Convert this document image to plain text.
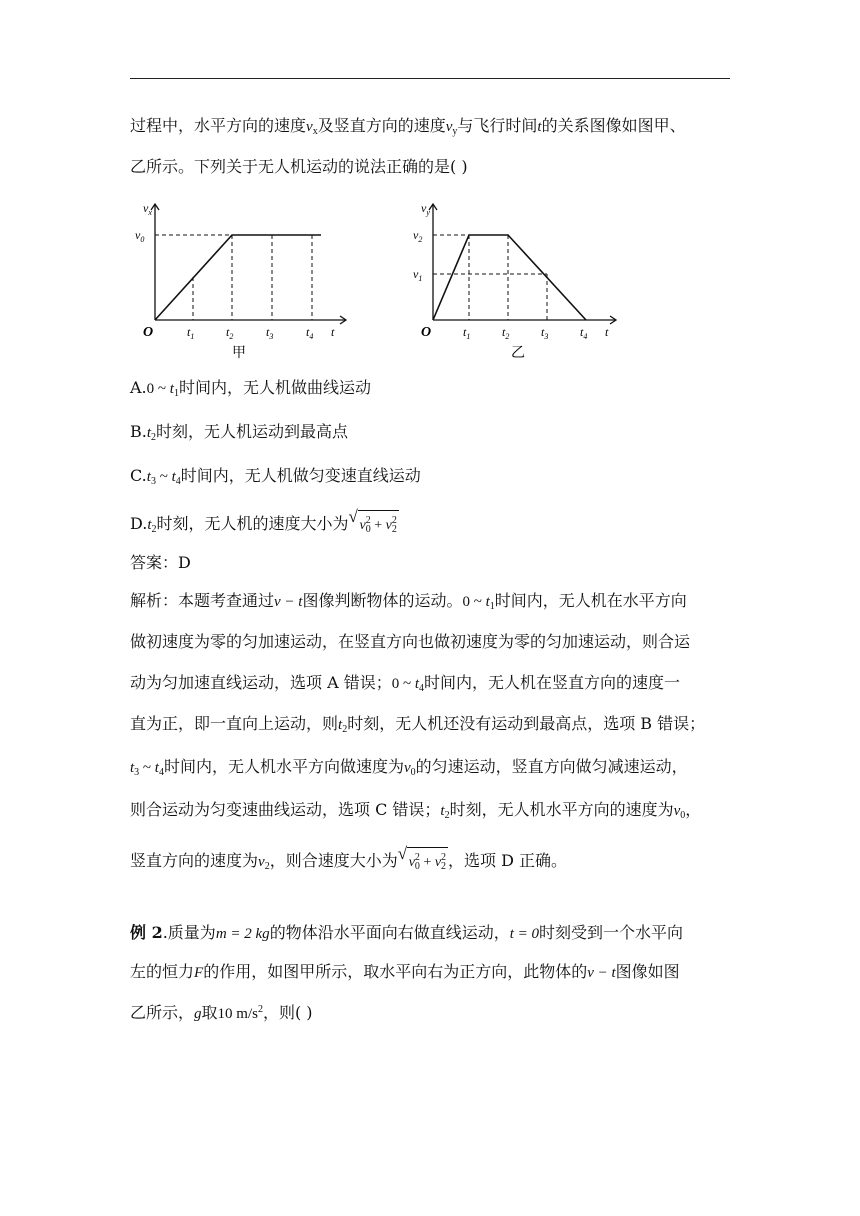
过程中，水平方向的速度$v_x$及竖直方向的速度$v_y$与飞行时间t的关系图像如图甲、
乙所示。下列关于无人机运动的说法正确的是( )
$v_x$
$v_0$
O	$t_1$	$t_2$	$t_3$	$t_4$ t
甲
$v_y$
$v_2$
$v_1$
O	$t_1$	$t_2$	$t_3$	$t_4$ t
乙
A.0 ~ $t_1$时间内，无人机做曲线运动
$B.t_2$时刻，无人机运动到最高点
$C.t_3$ ~ $t_4$时间内，无人机做匀变速直线运动
$D.t_2$时刻，无人机的速度大小为 √ $v^2_0 + v^2_2$
答案：D
解析：本题考查通过v − t图像判断物体的运动。0 ~ $t_1$时间内，无人机在水平方向
做初速度为零的匀加速运动，在竖直方向也做初速度为零的匀加速运动，则合运
动为匀加速直线运动，选项 A 错误；0 ~ $t_4$时间内，无人机在竖直方向的速度一
直为正，即一直向上运动，则$t_2$时刻，无人机还没有运动到最高点，选项 B 错误；
$t_3$ ~ $t_4$时间内，无人机水平方向做速度为$v_0$的匀速运动，竖直方向做匀减速运动，
则合运动为匀变速曲线运动，选项 C 错误；$t_2$时刻，无人机水平方向的速度为$v_0$，
竖直方向的速度为$v_2$，则合速度大小为 √ $v^2_0 + v^2_2$ ，选项 D 正确。
例 2.质量为m = 2 kg的物体沿水平面向右做直线运动，t = 0时刻受到一个水平向
左的恒力F的作用，如图甲所示，取水平向右为正方向，此物体的v − t图像如图
乙所示，g取10 $m/s^2$，则( )
